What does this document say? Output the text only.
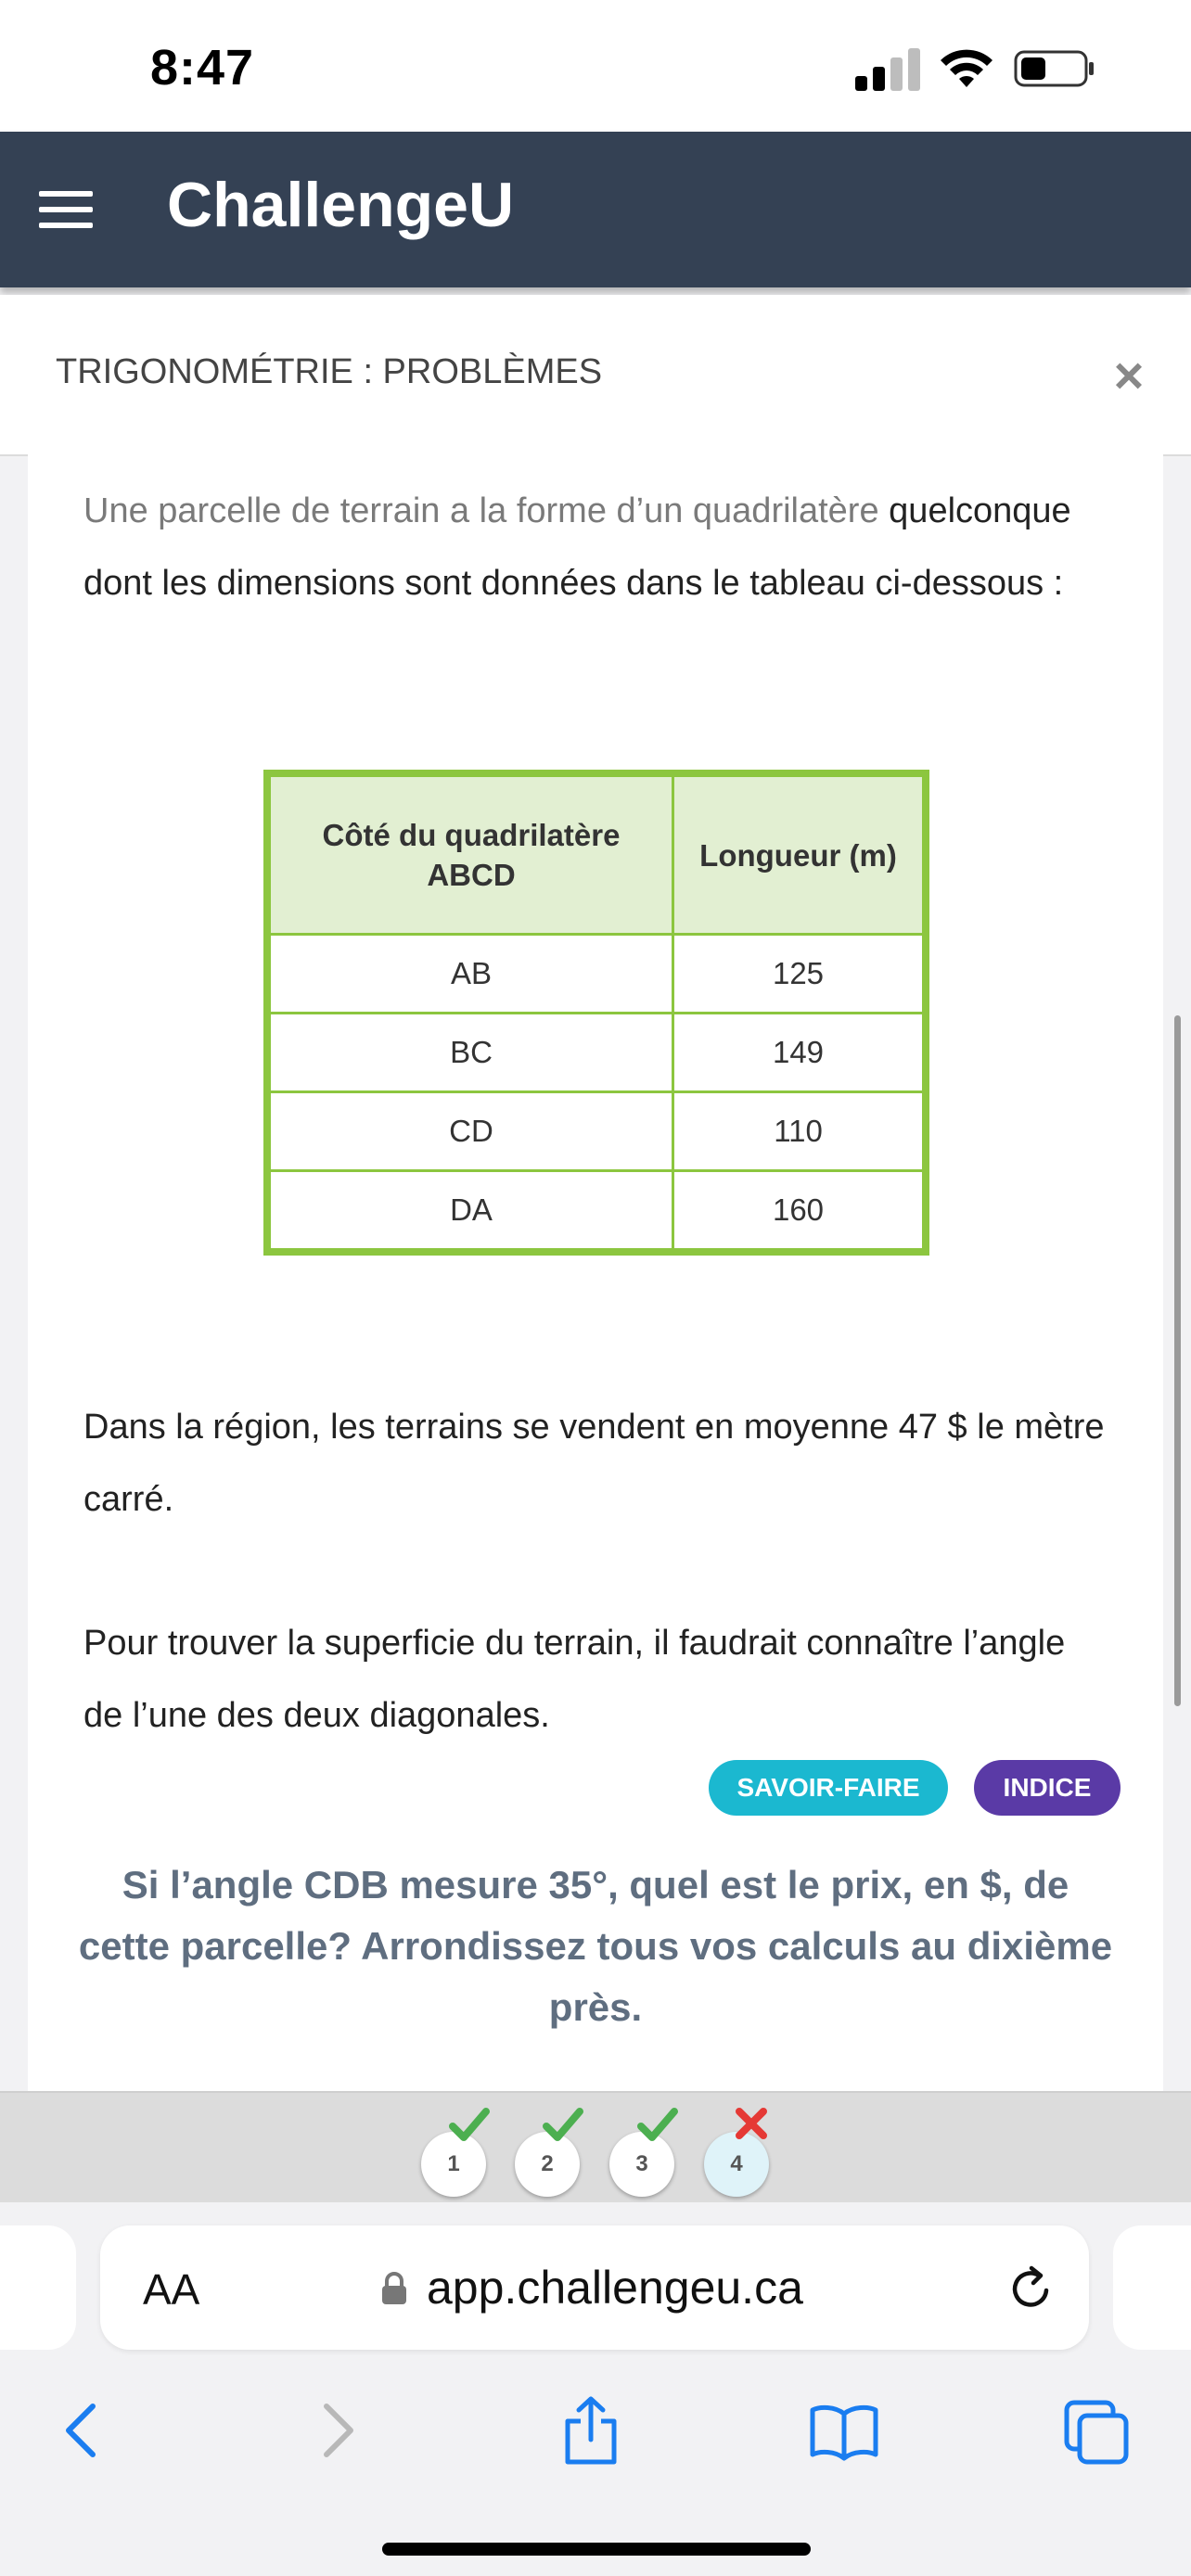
8:47
ChallengeU
TRIGONOMÉTRIE : PROBLÈMES	×
Une parcelle de terrain a la forme d’un quadrilatère quelconque dont les dimensions sont données dans le tableau ci-dessous :
Côté du quadrilatère ABCD	Longueur (m)
AB	125
BC	149
CD	110
DA	160
Dans la région, les terrains se vendent en moyenne 47 $ le mètre carré.
Pour trouver la superficie du terrain, il faudrait connaître l’angle de l’une des deux diagonales.
SAVOIR-FAIRE	INDICE
Si l’angle CDB mesure 35°, quel est le prix, en $, de cette parcelle? Arrondissez tous vos calculs au dixième près.
1	2	3	4
AA	app.challengeu.ca
